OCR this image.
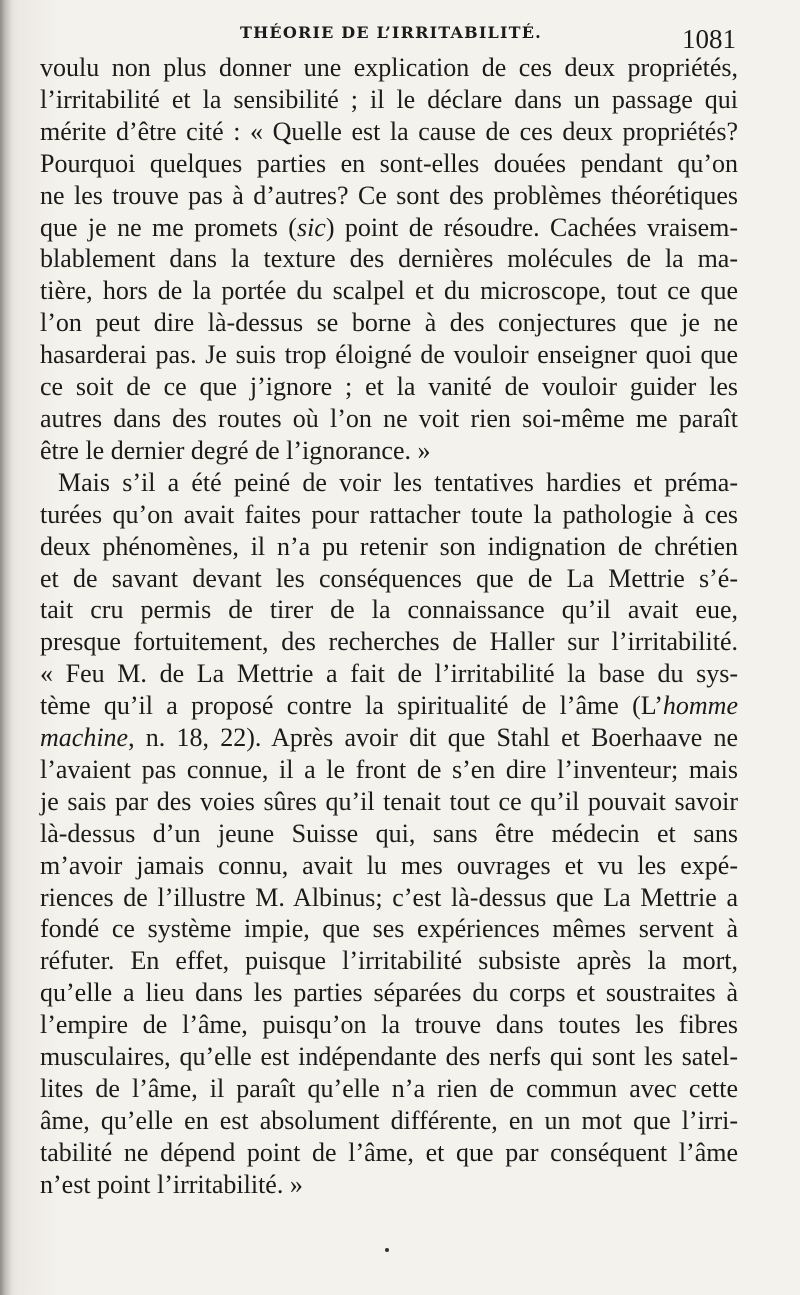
THÉORIE DE L’IRRITABILITÉ.	1081
voulu non plus donner une explication de ces deux propriétés,
l’irritabilité et la sensibilité ; il le déclare dans un passage qui
mérite d’être cité : « Quelle est la cause de ces deux propriétés?
Pourquoi quelques parties en sont-elles douées pendant qu’on
ne les trouve pas à d’autres? Ce sont des problèmes théorétiques
que je ne me promets (sic) point de résoudre. Cachées vraisem-
blablement dans la texture des dernières molécules de la ma-
tière, hors de la portée du scalpel et du microscope, tout ce que
l’on peut dire là-dessus se borne à des conjectures que je ne
hasarderai pas. Je suis trop éloigné de vouloir enseigner quoi que
ce soit de ce que j’ignore ; et la vanité de vouloir guider les
autres dans des routes où l’on ne voit rien soi-même me paraît
être le dernier degré de l’ignorance. »
Mais s’il a été peiné de voir les tentatives hardies et préma-
turées qu’on avait faites pour rattacher toute la pathologie à ces
deux phénomènes, il n’a pu retenir son indignation de chrétien
et de savant devant les conséquences que de La Mettrie s’é-
tait cru permis de tirer de la connaissance qu’il avait eue,
presque fortuitement, des recherches de Haller sur l’irritabilité.
« Feu M. de La Mettrie a fait de l’irritabilité la base du sys-
tème qu’il a proposé contre la spiritualité de l’âme (L’homme
machine, n. 18, 22). Après avoir dit que Stahl et Boerhaave ne
l’avaient pas connue, il a le front de s’en dire l’inventeur; mais
je sais par des voies sûres qu’il tenait tout ce qu’il pouvait savoir
là-dessus d’un jeune Suisse qui, sans être médecin et sans
m’avoir jamais connu, avait lu mes ouvrages et vu les expé-
riences de l’illustre M. Albinus; c’est là-dessus que La Mettrie a
fondé ce système impie, que ses expériences mêmes servent à
réfuter. En effet, puisque l’irritabilité subsiste après la mort,
qu’elle a lieu dans les parties séparées du corps et soustraites à
l’empire de l’âme, puisqu’on la trouve dans toutes les fibres
musculaires, qu’elle est indépendante des nerfs qui sont les satel-
lites de l’âme, il paraît qu’elle n’a rien de commun avec cette
âme, qu’elle en est absolument différente, en un mot que l’irri-
tabilité ne dépend point de l’âme, et que par conséquent l’âme
n’est point l’irritabilité. »
